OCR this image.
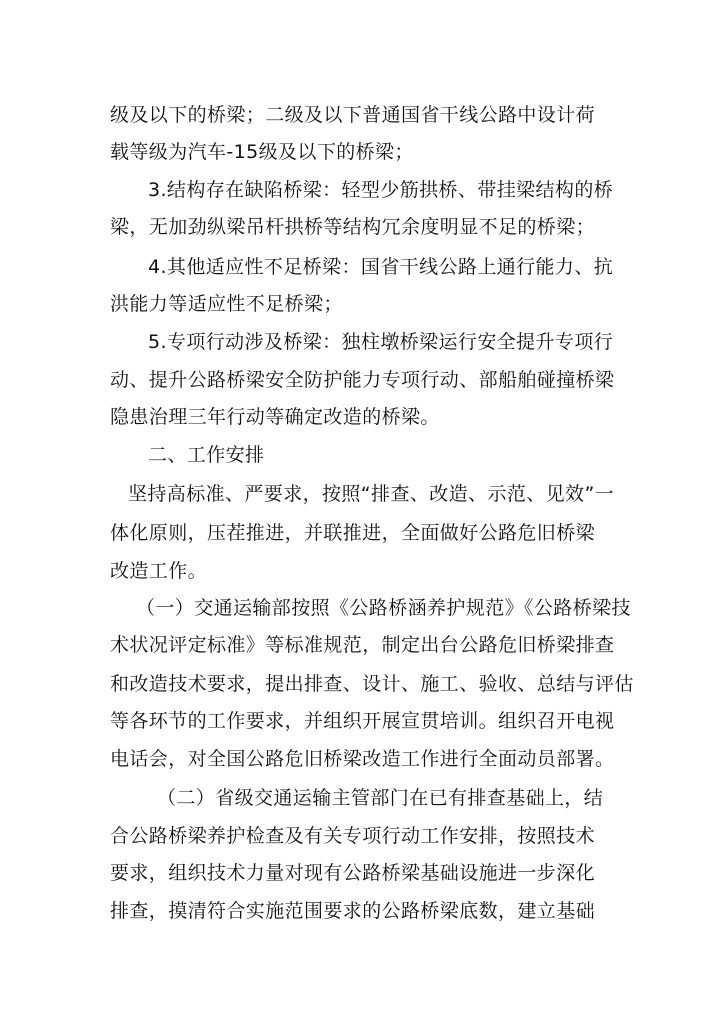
级及以下的桥梁；二级及以下普通国省干线公路中设计荷
载等级为汽车-15级及以下的桥梁；
3.结构存在缺陷桥梁：轻型少筋拱桥、带挂梁结构的桥
梁，无加劲纵梁吊杆拱桥等结构冗余度明显不足的桥梁；
4.其他适应性不足桥梁：国省干线公路上通行能力、抗
洪能力等适应性不足桥梁；
5.专项行动涉及桥梁：独柱墩桥梁运行安全提升专项行
动、提升公路桥梁安全防护能力专项行动、部船舶碰撞桥梁
隐患治理三年行动等确定改造的桥梁。
二、工作安排
坚持高标准、严要求，按照“排查、改造、示范、见效”一
体化原则，压茬推进，并联推进，全面做好公路危旧桥梁
改造工作。
（一）交通运输部按照《公路桥涵养护规范》《公路桥梁技
术状况评定标准》等标准规范，制定出台公路危旧桥梁排查
和改造技术要求，提出排查、设计、施工、验收、总结与评估
等各环节的工作要求，并组织开展宣贯培训。组织召开电视
电话会，对全国公路危旧桥梁改造工作进行全面动员部署。
（二）省级交通运输主管部门在已有排查基础上，结
合公路桥梁养护检查及有关专项行动工作安排，按照技术
要求，组织技术力量对现有公路桥梁基础设施进一步深化
排查，摸清符合实施范围要求的公路桥梁底数，建立基础
